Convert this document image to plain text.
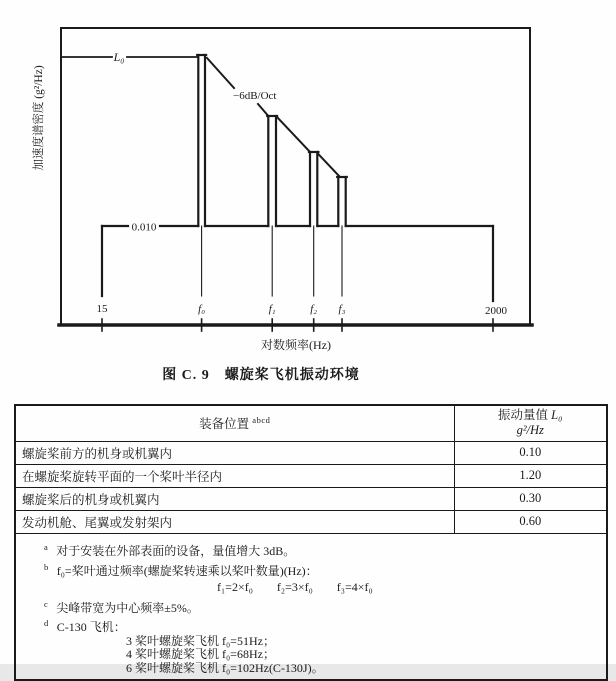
加速度谱密度 (g²/Hz)
L₀
−6dB/Oct
0.010
15	f₀	f₁	f₂ f₃	2000
对数频率(Hz)
图 C. 9　螺旋桨飞机振动环境
装备位置 $^{abcd}$	振动量值 L₀
g²/Hz

螺旋桨前方的机身或机翼内	0.10
在螺旋桨旋转平面的一个桨叶半径内	1.20
螺旋桨后的机身或机翼内	0.30
发动机舱、尾翼或发射架内	0.60

$^a$ 对于安装在外部表面的设备，量值增大 3dB。
$^b$ f₀=桨叶通过频率(螺旋桨转速乘以桨叶数量)(Hz)：
f₁=2×f₀　　f₂=3×f₀　　f₃=4×f₀
$^c$ 尖峰带宽为中心频率±5%。
$^d$ C-130 飞机：
3 桨叶螺旋桨飞机 f₀=51Hz；
4 桨叶螺旋桨飞机 f₀=68Hz；
6 桨叶螺旋桨飞机 f₀=102Hz(C-130J)。
